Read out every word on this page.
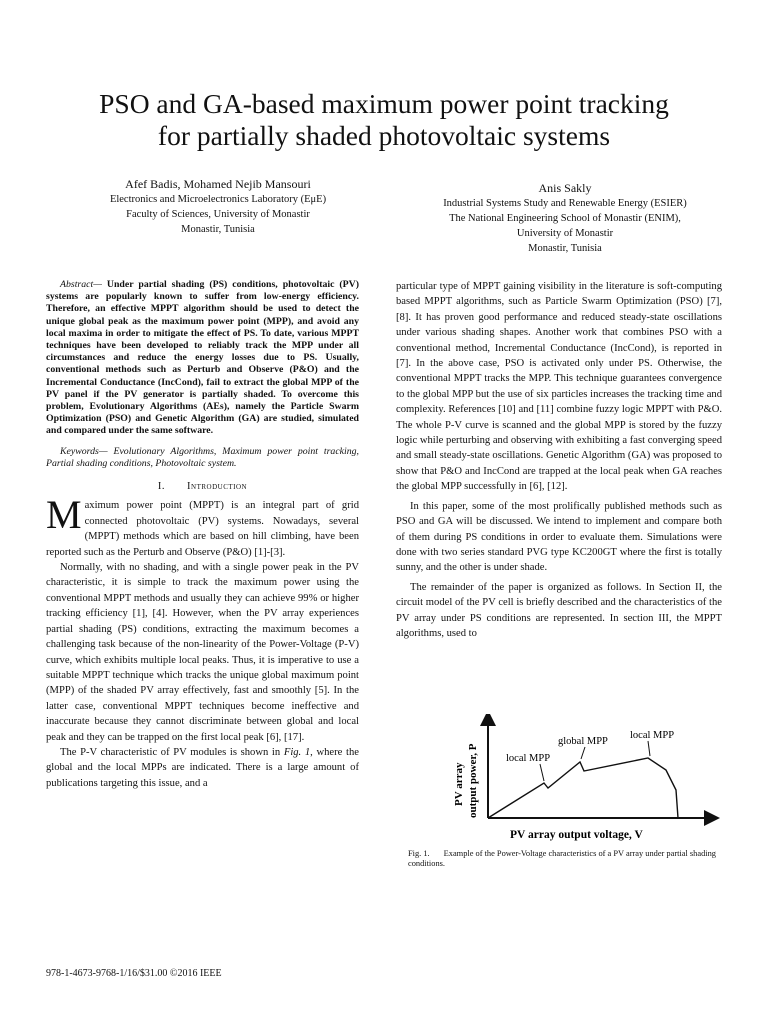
PSO and GA-based maximum power point tracking
for partially shaded photovoltaic systems
Afef Badis, Mohamed Nejib Mansouri
Electronics and Microelectronics Laboratory (EμE)
Faculty of Sciences, University of Monastir
Monastir, Tunisia
Anis Sakly
Industrial Systems Study and Renewable Energy (ESIER)
The National Engineering School of Monastir (ENIM),
University of Monastir
Monastir, Tunisia

Abstract— Under partial shading (PS) conditions, photovoltaic (PV) systems are popularly known to suffer from low-energy efficiency. Therefore, an effective MPPT algorithm should be used to detect the unique global peak as the maximum power point (MPP), and avoid any local maxima in order to mitigate the effect of PS. To date, various MPPT techniques have been developed to reliably track the MPP under all circumstances and reduce the energy losses due to PS. Usually, conventional methods such as Perturb and Observe (P&O) and the Incremental Conductance (IncCond), fail to extract the global MPP of the PV panel if the PV generator is partially shaded. To overcome this problem, Evolutionary Algorithms (AEs), namely the Particle Swarm Optimization (PSO) and Genetic Algorithm (GA) are studied, simulated and compared under the same software.

Keywords— Evolutionary Algorithms, Maximum power point tracking, Partial shading conditions, Photovoltaic system.

I. Introduction

Maximum power point (MPPT) is an integral part of grid connected photovoltaic (PV) systems. Nowadays, several (MPPT) methods which are based on hill climbing, have been reported such as the Perturb and Observe (P&O) [1]-[3].

Normally, with no shading, and with a single power peak in the PV characteristic, it is simple to track the maximum power using the conventional MPPT methods and usually they can achieve 99% or higher tracking efficiency [1], [4]. However, when the PV array experiences partial shading (PS) conditions, extracting the maximum becomes a challenging task because of the non-linearity of the Power-Voltage (P-V) curve, which exhibits multiple local peaks. Thus, it is imperative to use a suitable MPPT technique which tracks the unique global maximum point (MPP) of the shaded PV array effectively, fast and smoothly [5]. In the latter case, conventional MPPT techniques become ineffective and inaccurate because they cannot discriminate between global and local peak and they can be trapped on the first local peak [6], [17].

The P-V characteristic of PV modules is shown in Fig. 1, where the global and the local MPPs are indicated. There is a large amount of publications targeting this issue, and a

particular type of MPPT gaining visibility in the literature is soft-computing based MPPT algorithms, such as Particle Swarm Optimization (PSO) [7], [8]. It has proven good performance and reduced steady-state oscillations under various shading shapes. Another work that combines PSO with a conventional method, Incremental Conductance (IncCond), is reported in [7]. In the above case, PSO is activated only under PS. Otherwise, the conventional MPPT tracks the MPP. This technique guarantees convergence to the global MPP but the use of six particles increases the tracking time and complexity. References [10] and [11] combine fuzzy logic MPPT with P&O. The whole P-V curve is scanned and the global MPP is stored by the fuzzy logic while perturbing and observing with exhibiting a fast converging speed and small steady-state oscillations. Genetic Algorithm (GA) was proposed to show that P&O and IncCond are trapped at the local peak when GA reaches the global MPP successfully in [6], [12].

In this paper, some of the most prolifically published methods such as PSO and GA will be discussed. We intend to implement and compare both of them during PS conditions in order to evaluate them. Simulations were done with two series standard PVG type KC200GT where the first is totally sunny, and the other is under shade.

The remainder of the paper is organized as follows. In Section II, the circuit model of the PV cell is briefly described and the characteristics of the PV array under PS conditions are represented. In section III, the MPPT algorithms, used to

local MPP
global MPP
local MPP
PV array output power, P
PV array output voltage, V
Fig. 1. Example of the Power-Voltage characteristics of a PV array under partial shading conditions.
978-1-4673-9768-1/16/$31.00 ©2016 IEEE
